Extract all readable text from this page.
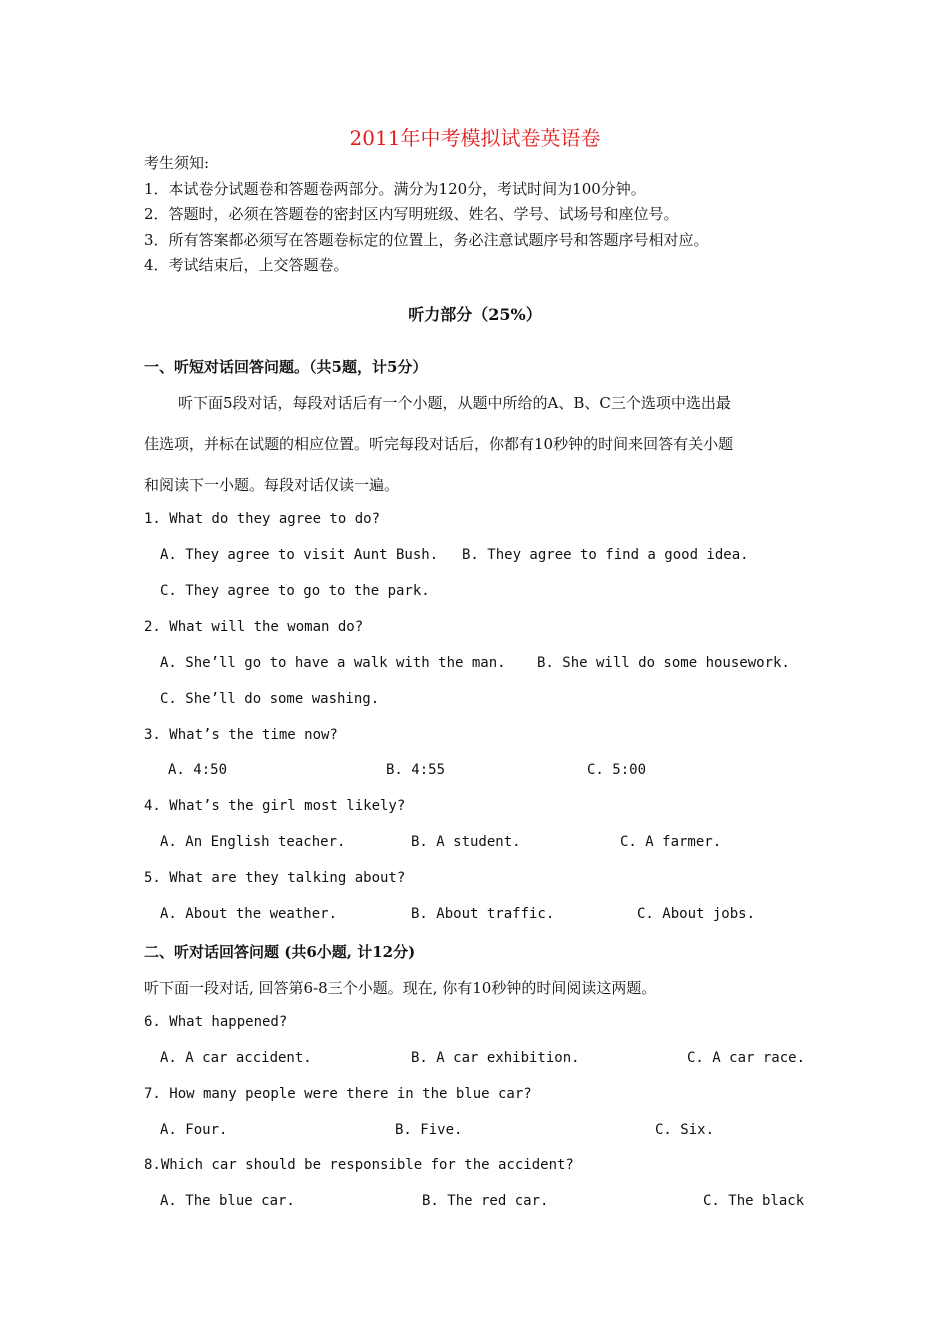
2011年中考模拟试卷英语卷
考生须知:
1．本试卷分试题卷和答题卷两部分。满分为120分，考试时间为100分钟。
2．答题时，必须在答题卷的密封区内写明班级、姓名、学号、试场号和座位号。
3．所有答案都必须写在答题卷标定的位置上，务必注意试题序号和答题序号相对应。
4．考试结束后，上交答题卷。
听力部分（25%）
一、听短对话回答问题。（共5题，计5分）
听下面5段对话，每段对话后有一个小题，从题中所给的A、B、C三个选项中选出最
佳选项，并标在试题的相应位置。听完每段对话后，你都有10秒钟的时间来回答有关小题
和阅读下一小题。每段对话仅读一遍。
1. What do they agree to do?
A. They agree to visit Aunt Bush. B. They agree to find a good idea.
C. They agree to go to the park.
2. What will the woman do?
A. She’ll go to have a walk with the man. B. She will do some housework.
C. She’ll do some washing.
3. What’s the time now?
A. 4:50	B. 4:55	C. 5:00
4. What’s the girl most likely?
A. An English teacher.	B. A student.	C. A farmer.
5. What are they talking about?
A. About the weather.	B. About traffic.	C. About jobs.
二、听对话回答问题 (共6小题, 计12分)
听下面一段对话, 回答第6-8三个小题。现在, 你有10秒钟的时间阅读这两题。
6. What happened?
A. A car accident.	B. A car exhibition.	C. A car race.
7. How many people were there in the blue car?
A. Four.	B. Five.	C. Six.
8.Which car should be responsible for the accident?
A. The blue car.	B. The red car.	C. The black
